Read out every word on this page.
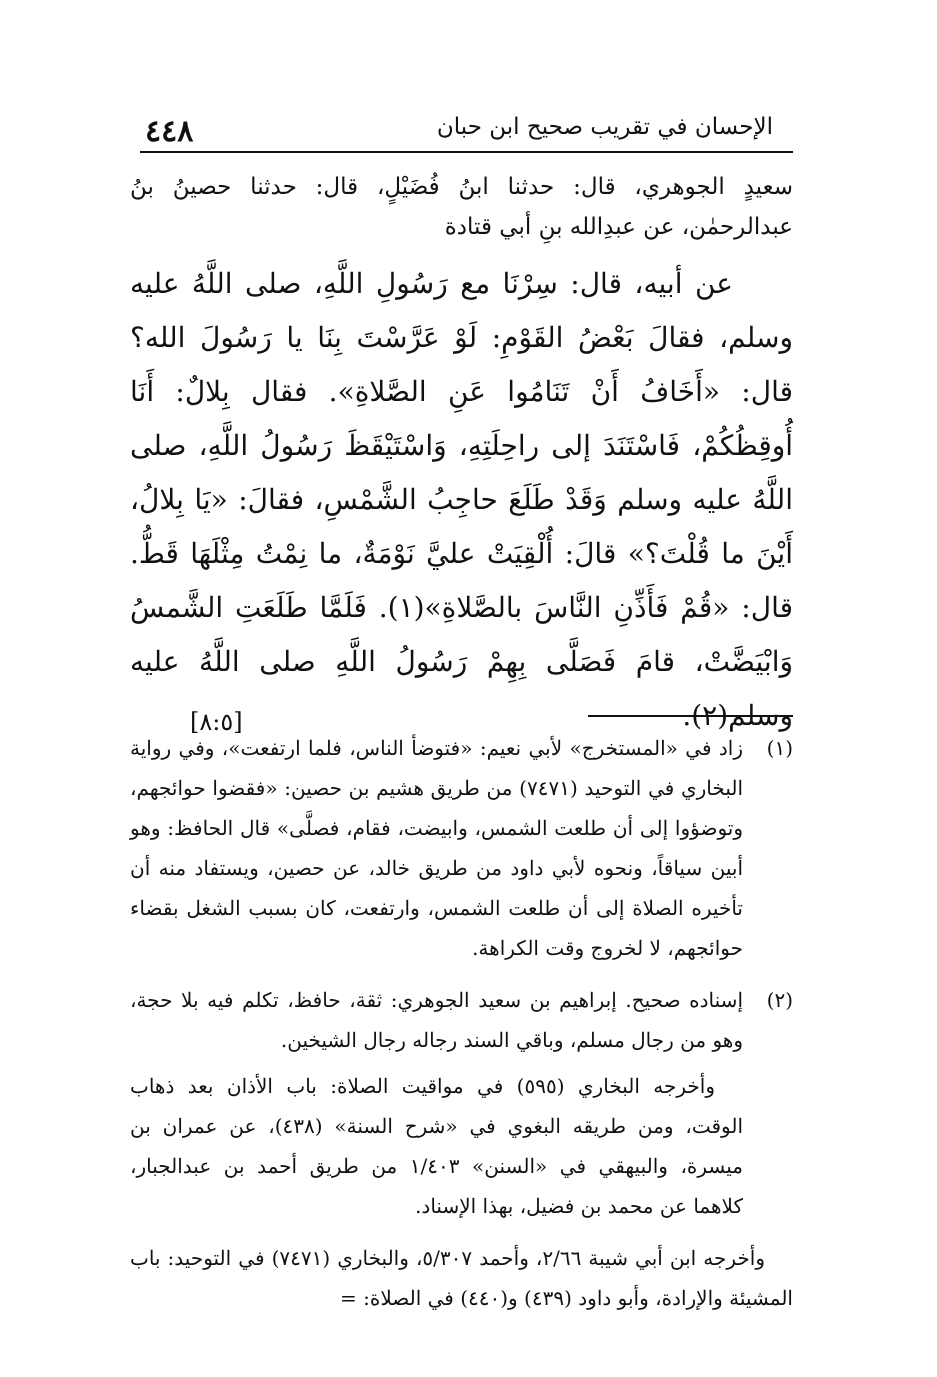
٤٤٨	الإحسان في تقريب صحيح ابن حبان

سعيدٍ الجوهري، قال: حدثنا ابنُ فُضَيْلٍ، قال: حدثنا حصينُ بنُ عبدالرحمٰن، عن عبدِالله بنِ أبي قتادة

عن أبيه، قال: سِرْنَا مع رَسُولِ اللَّهِ، صلى اللَّهُ عليه وسلم، فقالَ بَعْضُ القَوْمِ: لَوْ عَرَّسْتَ بِنَا يا رَسُولَ الله؟ قال: «أَخَافُ أَنْ تَنَامُوا عَنِ الصَّلاةِ». فقال بِلالٌ: أَنَا أُوقِظُكُمْ، فَاسْتَنَدَ إلى راحِلَتِهِ، وَاسْتَيْقَظَ رَسُولُ اللَّهِ، صلى اللَّهُ عليه وسلم وَقَدْ طَلَعَ حاجِبُ الشَّمْسِ، فقالَ: «يَا بِلالُ، أَيْنَ ما قُلْتَ؟» قالَ: أُلْقِيَتْ عليَّ نَوْمَةٌ، ما نِمْتُ مِثْلَهَا قَطُّ. قال: «قُمْ فَأَذِّنِ النَّاسَ بالصَّلاةِ»(١). فَلَمَّا طَلَعَتِ الشَّمسُ وَابْيَضَّتْ، قامَ فَصَلَّى بِهِمْ رَسُولُ اللَّهِ صلى اللَّهُ عليه وسلم(٢).
[٨:٥]

(١)
زاد في «المستخرج» لأبي نعيم: «فتوضأ الناس، فلما ارتفعت»، وفي رواية البخاري في التوحيد (٧٤٧١) من طريق هشيم بن حصين: «فقضوا حوائجهم، وتوضؤوا إلى أن طلعت الشمس، وابيضت، فقام، فصلَّى» قال الحافظ: وهو أبين سياقاً، ونحوه لأبي داود من طريق خالد، عن حصين، ويستفاد منه أن تأخيره الصلاة إلى أن طلعت الشمس، وارتفعت، كان بسبب الشغل بقضاء حوائجهم، لا لخروج وقت الكراهة.
(٢)
إسناده صحيح. إبراهيم بن سعيد الجوهري: ثقة، حافظ، تكلم فيه بلا حجة، وهو من رجال مسلم، وباقي السند رجاله رجال الشيخين.

وأخرجه البخاري (٥٩٥) في مواقيت الصلاة: باب الأذان بعد ذهاب الوقت، ومن طريقه البغوي في «شرح السنة» (٤٣٨)، عن عمران بن ميسرة، والبيهقي في «السنن» ١/٤٠٣ من طريق أحمد بن عبدالجبار، كلاهما عن محمد بن فضيل، بهذا الإسناد.

وأخرجه ابن أبي شيبة ٢/٦٦، وأحمد ٥/٣٠٧، والبخاري (٧٤٧١) في التوحيد: باب المشيئة والإرادة، وأبو داود (٤٣٩) و(٤٤٠) في الصلاة: =
